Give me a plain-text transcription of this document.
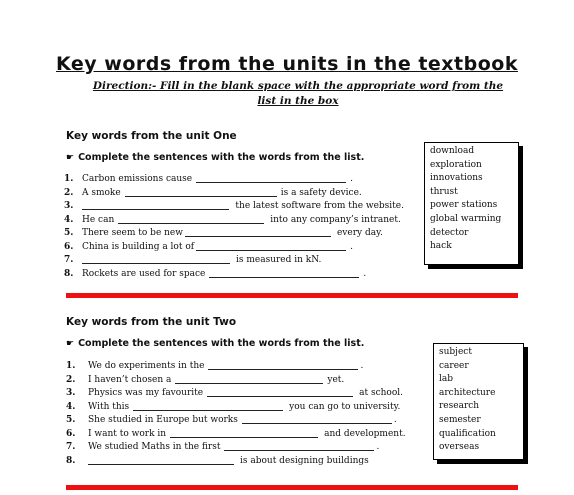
Key words from the units in the textbook
Direction:- Fill in the blank space with the appropriate word from the list in the box
Key words from the unit One
☛ Complete the sentences with the words from the list.
1. Carbon emissions cause	.
2. A smoke	is a safety device.
3.	the latest software from the website.
4. He can	into any company’s intranet.
5. There seem to be new	every day.
6. China is building a lot of	.
7.	is measured in kN.
8. Rockets are used for space	.
download
exploration
innovations
thrust
power stations
global warming
detector
hack
Key words from the unit Two
☛ Complete the sentences with the words from the list.
1.	We do experiments in the	.
2.	I haven’t chosen a	yet.
3.	Physics was my favourite	at school.
4.	With this	you can go to university.
5.	She studied in Europe but works	.
6.	I want to work in	and development.
7.	We studied Maths in the first	.
8.	is about designing buildings
subject
career
lab
architecture
research
semester
qualification
overseas
